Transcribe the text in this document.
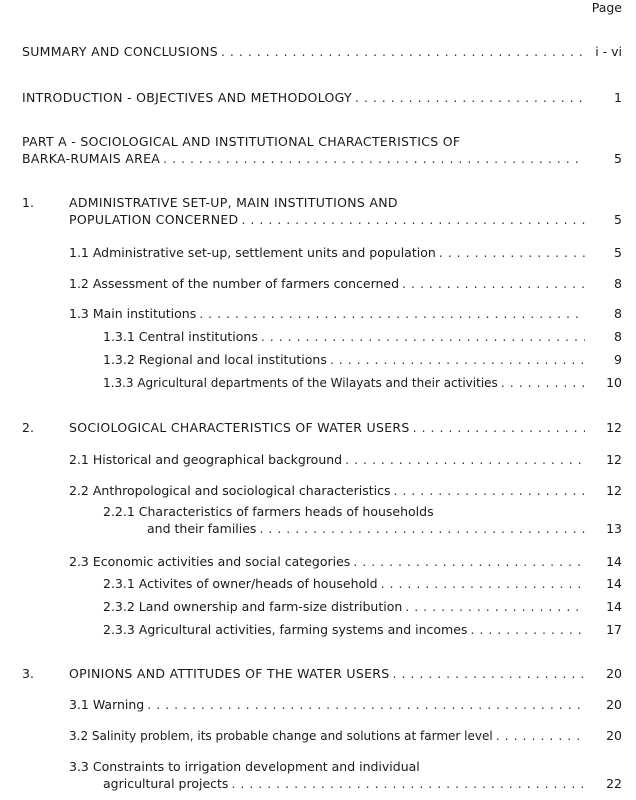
Page
SUMMARY AND CONCLUSIONS . . .	i - vi
INTRODUCTION - OBJECTIVES AND METHODOLOGY . . .	1
PART A - SOCIOLOGICAL AND INSTITUTIONAL CHARACTERISTICS OF
BARKA-RUMAIS AREA . . .	5
1.	ADMINISTRATIVE SET-UP, MAIN INSTITUTIONS AND
POPULATION CONCERNED . . .	5
1.1 Administrative set-up, settlement units and population . . .	5
1.2 Assessment of the number of farmers concerned . . .	8
1.3 Main institutions . . .	8
1.3.1 Central institutions . . .	8
1.3.2 Regional and local institutions . . .	9
1.3.3 Agricultural departments of the Wilayats and their activities . . .	10
2.	SOCIOLOGICAL CHARACTERISTICS OF WATER USERS . . .	12
2.1 Historical and geographical background . . .	12
2.2 Anthropological and sociological characteristics . . .	12
2.2.1 Characteristics of farmers heads of households
and their families . . .	13
2.3 Economic activities and social categories . . .	14
2.3.1 Activites of owner/heads of household . . .	14
2.3.2 Land ownership and farm-size distribution . . .	14
2.3.3 Agricultural activities, farming systems and incomes . . .	17
3.	OPINIONS AND ATTITUDES OF THE WATER USERS . . .	20
3.1 Warning . . .	20
3.2 Salinity problem, its probable change and solutions at farmer level . . .	20
3.3 Constraints to irrigation development and individual
agricultural projects . . .	22
